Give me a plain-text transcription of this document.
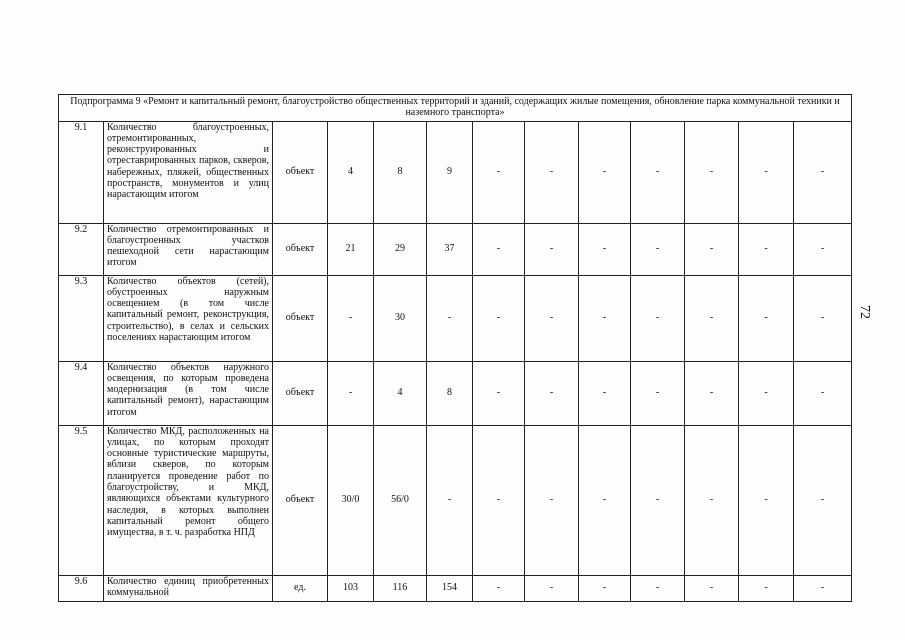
72
Подпрограмма 9 «Ремонт и капитальный ремонт, благоустройство общественных территорий и зданий, содержащих жилые помещения, обновление парка коммунальной техники и наземного транспорта»												
9.1	Количество благоустроенных, отремонтированных, реконструированных и отреставрированных парков, скверов, набережных, пляжей, общественных пространств, монументов и улиц нарастающим итогом	объект	4	8	9	-	-	-	-	-	-	-
9.2	Количество отремонтированных и благоустроенных участков пешеходной сети нарастающим итогом	объект	21	29	37	-	-	-	-	-	-	-
9.3	Количество объектов (сетей), обустроенных наружным освещением (в том числе капитальный ремонт, реконструкция, строительство), в селах и сельских поселениях нарастающим итогом	объект	-	30	-	-	-	-	-	-	-	-
9.4	Количество объектов наружного освещения, по которым проведена модернизация (в том числе капитальный ремонт), нарастающим итогом	объект	-	4	8	-	-	-	-	-	-	-
9.5	Количество МКД, расположенных на улицах, по которым проходят основные туристические маршруты, вблизи скверов, по которым планируется проведение работ по благоустройству, и МКД, являющихся объектами культурного наследия, в которых выполнен капитальный ремонт общего имущества, в т. ч. разработка НПД	объект	30/0	56/0	-	-	-	-	-	-	-	-
9.6	Количество единиц приобретенных коммунальной	ед.	103	116	154	-	-	-	-	-	-	-
